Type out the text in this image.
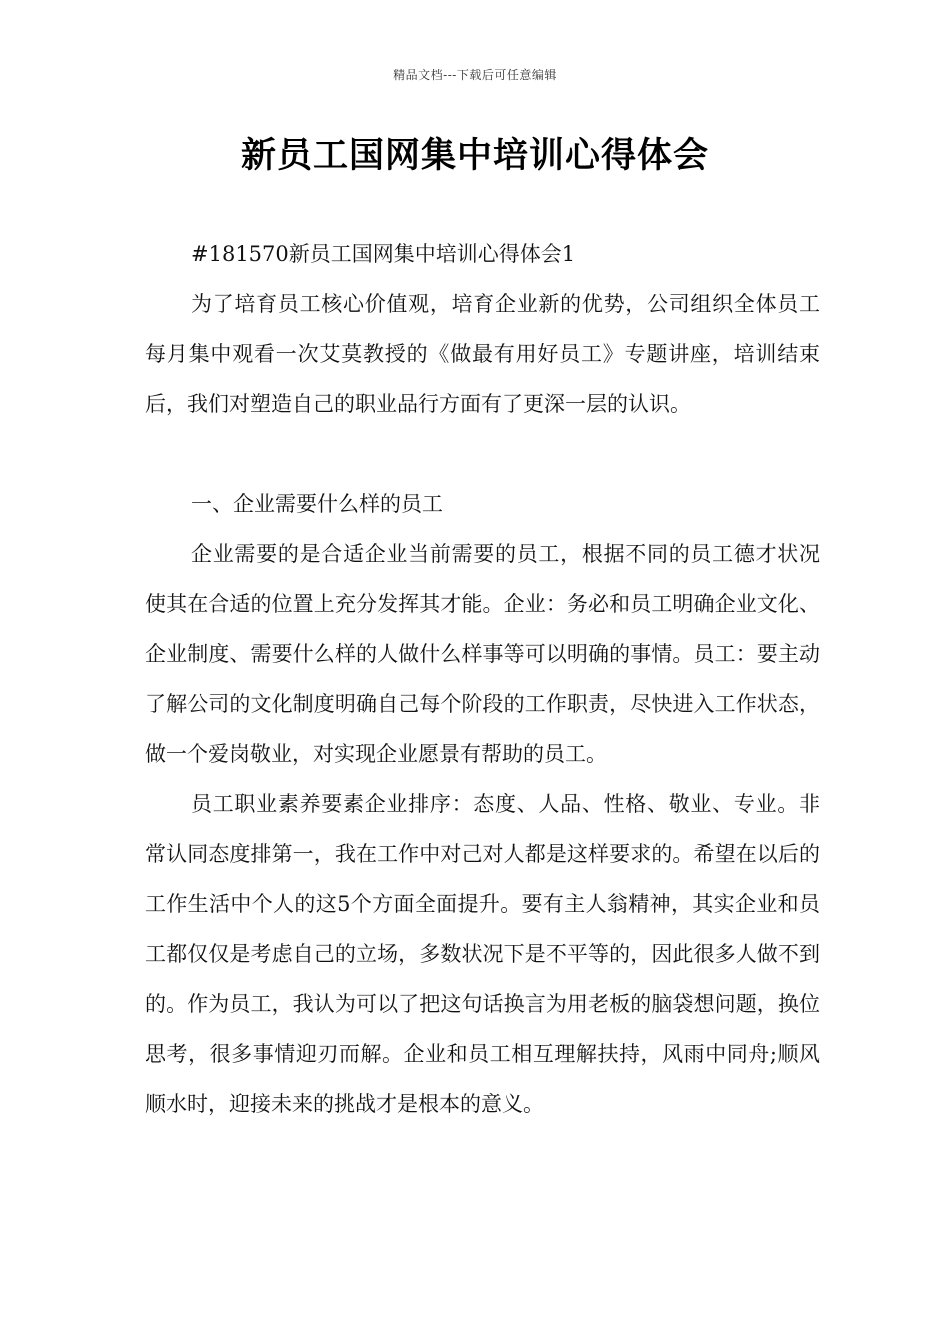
精品文档---下载后可任意编辑
新员工国网集中培训心得体会

#181570新员工国网集中培训心得体会1

为了培育员工核心价值观，培育企业新的优势，公司组织全体员工每月集中观看一次艾莫教授的《做最有用好员工》专题讲座，培训结束后，我们对塑造自己的职业品行方面有了更深一层的认识。

一、企业需要什么样的员工

企业需要的是合适企业当前需要的员工，根据不同的员工德才状况使其在合适的位置上充分发挥其才能。企业：务必和员工明确企业文化、企业制度、需要什么样的人做什么样事等可以明确的事情。员工：要主动了解公司的文化制度明确自己每个阶段的工作职责，尽快进入工作状态，做一个爱岗敬业，对实现企业愿景有帮助的员工。

员工职业素养要素企业排序：态度、人品、性格、敬业、专业。非常认同态度排第一，我在工作中对己对人都是这样要求的。希望在以后的工作生活中个人的这5个方面全面提升。要有主人翁精神，其实企业和员工都仅仅是考虑自己的立场，多数状况下是不平等的，因此很多人做不到的。作为员工，我认为可以了把这句话换言为用老板的脑袋想问题，换位思考，很多事情迎刃而解。企业和员工相互理解扶持，风雨中同舟;顺风顺水时，迎接未来的挑战才是根本的意义。
